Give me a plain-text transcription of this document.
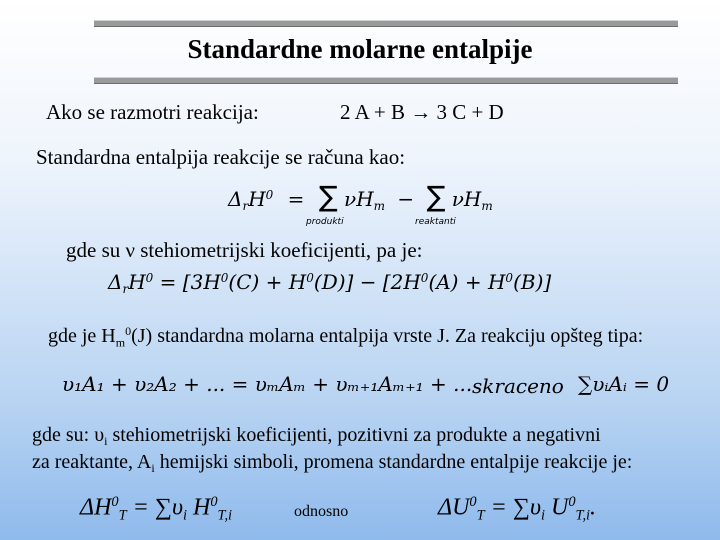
Standardne molarne entalpije
Ako se razmotri reakcija:	2 A + B → 3 C + D
Standardna entalpija reakcije se računa kao:
$\Delta_rH^0$ = ∑ $\nu H_m$ − ∑ $\nu H_m$
produkti	reaktanti
gde su ν stehiometrijski koeficijenti, pa je:
$\Delta_rH^0 = [3H^0(C) + H^0(D)] - [2H^0(A) + H^0(B)]$
gde je $H_m^0(J)$ standardna molarna entalpija vrste J. Za reakciju opšteg tipa:
υ₁A₁ + υ₂A₂ + ... = υₘAₘ + υₘ₊₁Aₘ₊₁ + ... skraceno ∑υᵢAᵢ = 0
gde su: $\upsilon_i$ stehiometrijski koeficijenti, pozitivni za produkte a negativni
za reaktante, $A_i$ hemijski simboli, promena standardne entalpije reakcije je:
$\Delta H^0_T = \sum\upsilon_i$ $H^0_{T,i}$	odnosno	$\Delta U^0_T = \sum\upsilon_i$ $U^0_{T,i}$.
